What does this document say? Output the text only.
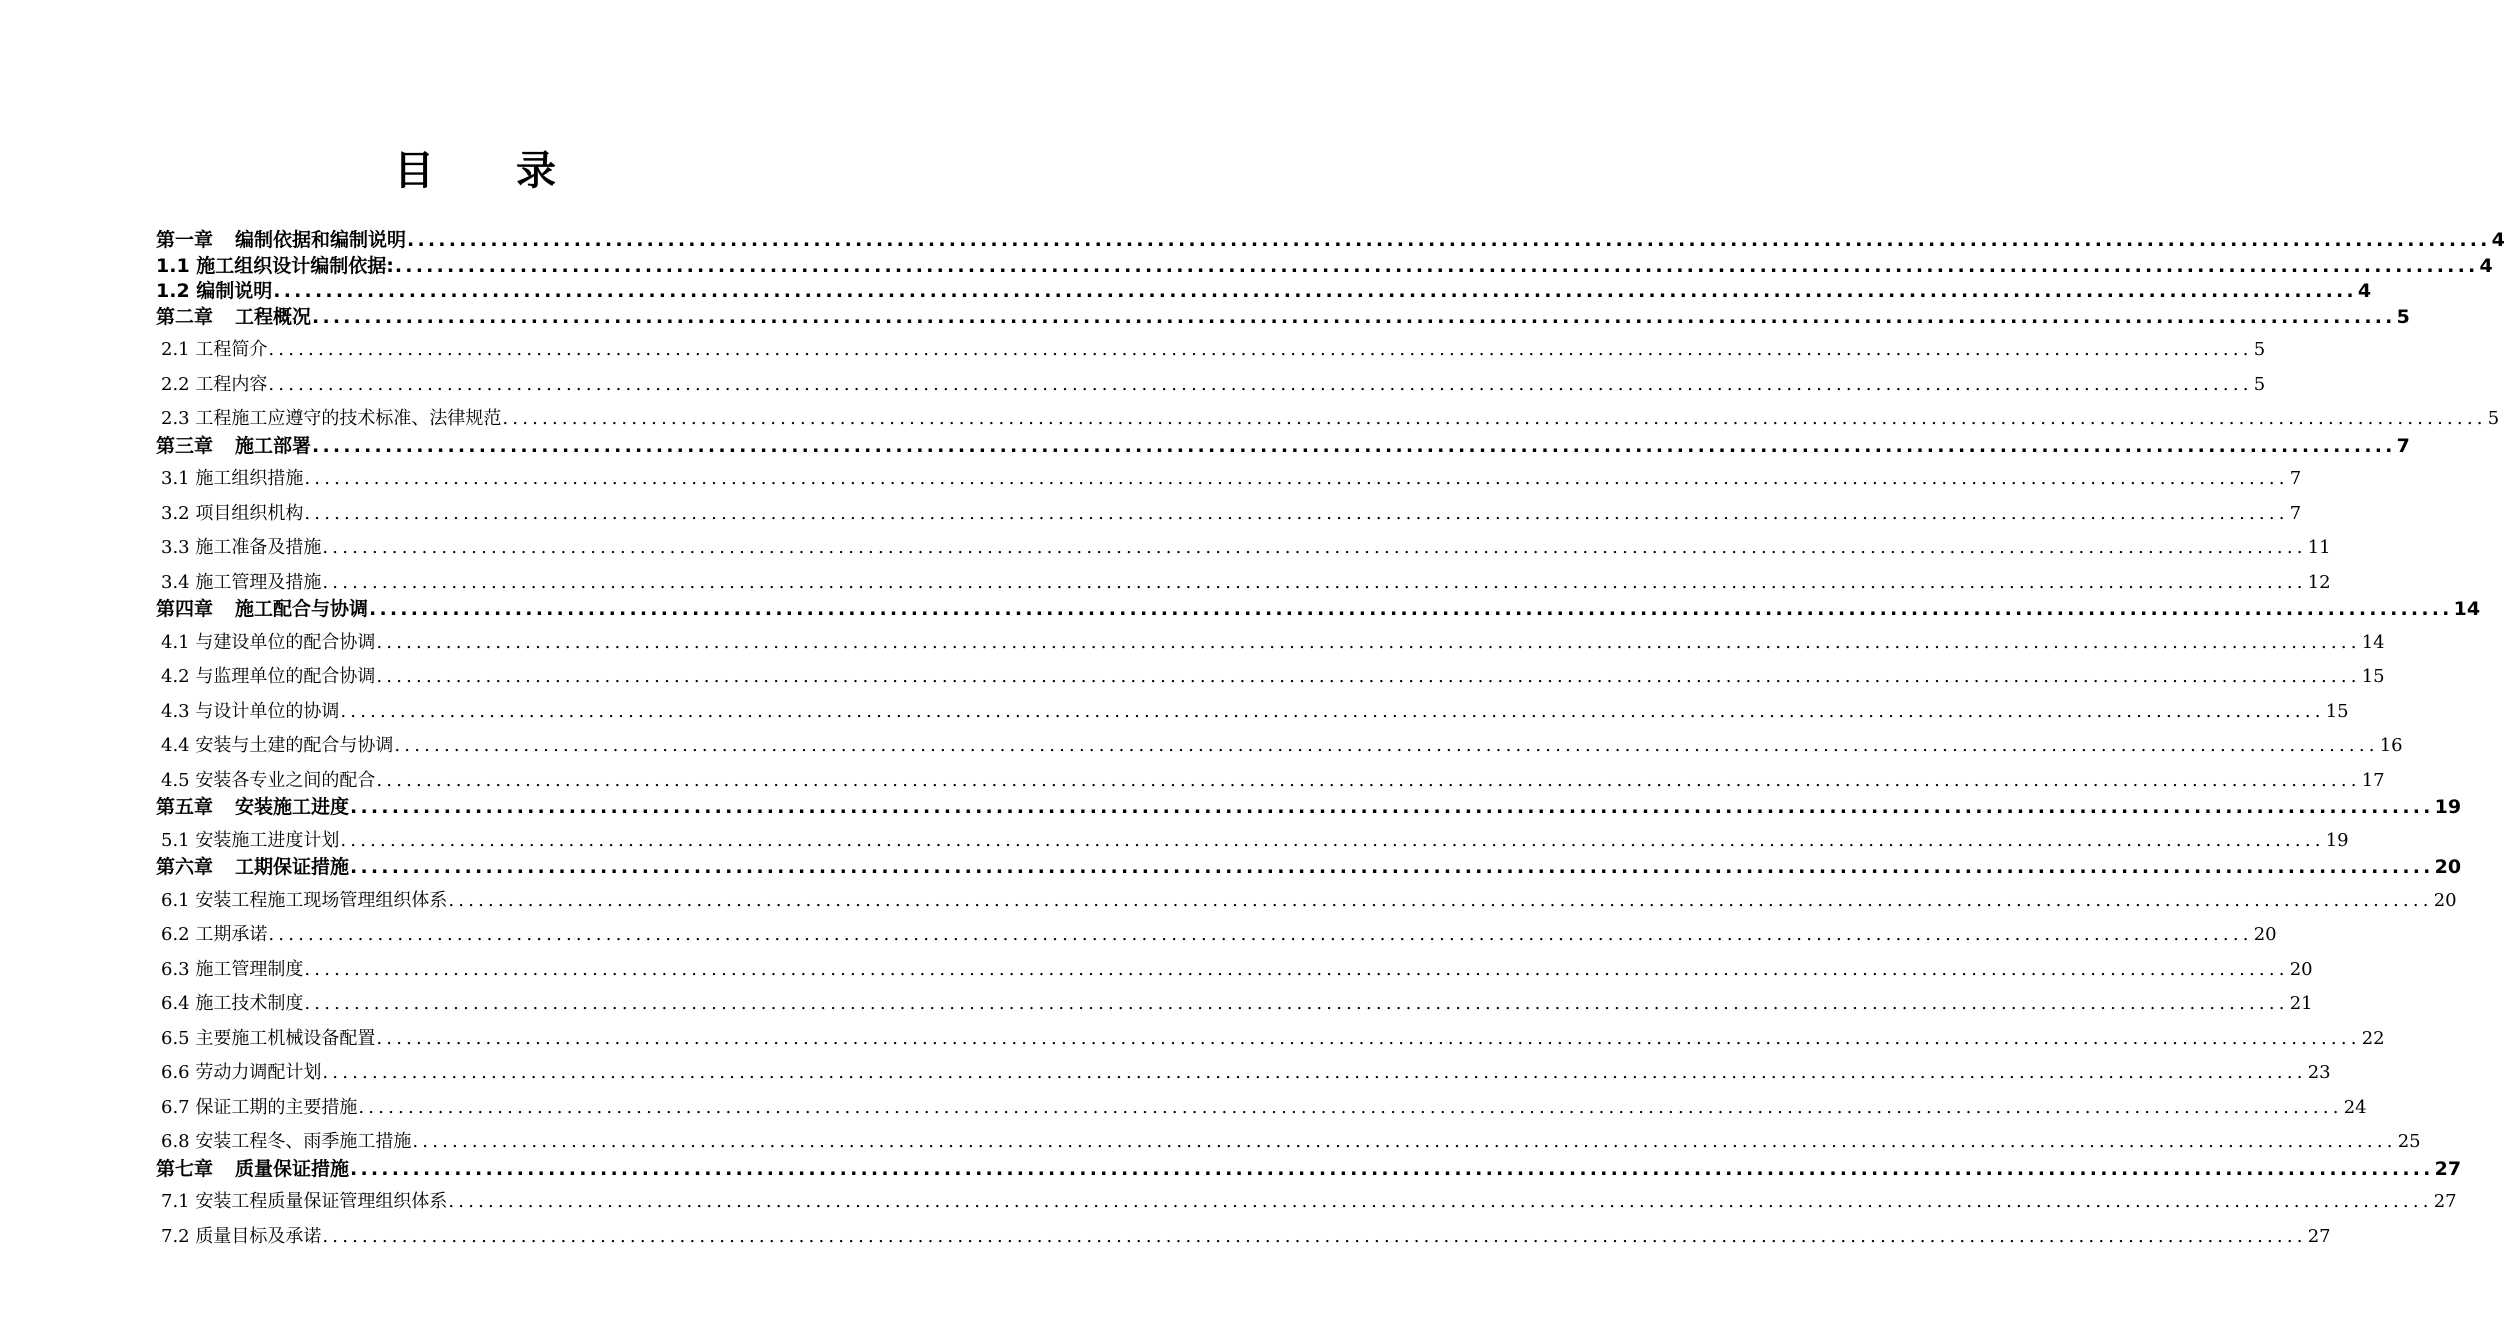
目 录
第一章 编制依据和编制说明 ........................................................................................................................................................................................................ 4
1.1 施工组织设计编制依据: ........................................................................................................................................................................................................ 4
1.2 编制说明 ........................................................................................................................................................................................................ 4
第二章 工程概况 ........................................................................................................................................................................................................ 5
2.1 工程简介 ........................................................................................................................................................................................................ 5
2.2 工程内容 ........................................................................................................................................................................................................ 5
2.3 工程施工应遵守的技术标准、法律规范 ........................................................................................................................................................................................................ 5
第三章 施工部署 ........................................................................................................................................................................................................ 7
3.1 施工组织措施 ........................................................................................................................................................................................................ 7
3.2 项目组织机构 ........................................................................................................................................................................................................ 7
3.3 施工准备及措施 ........................................................................................................................................................................................................ 11
3.4 施工管理及措施 ........................................................................................................................................................................................................ 12
第四章 施工配合与协调 ........................................................................................................................................................................................................ 14
4.1 与建设单位的配合协调 ........................................................................................................................................................................................................ 14
4.2 与监理单位的配合协调 ........................................................................................................................................................................................................ 15
4.3 与设计单位的协调 ........................................................................................................................................................................................................ 15
4.4 安装与土建的配合与协调 ........................................................................................................................................................................................................ 16
4.5 安装各专业之间的配合 ........................................................................................................................................................................................................ 17
第五章 安装施工进度 ........................................................................................................................................................................................................ 19
5.1 安装施工进度计划 ........................................................................................................................................................................................................ 19
第六章 工期保证措施 ........................................................................................................................................................................................................ 20
6.1 安装工程施工现场管理组织体系 ........................................................................................................................................................................................................ 20
6.2 工期承诺 ........................................................................................................................................................................................................ 20
6.3 施工管理制度 ........................................................................................................................................................................................................ 20
6.4 施工技术制度 ........................................................................................................................................................................................................ 21
6.5 主要施工机械设备配置 ........................................................................................................................................................................................................ 22
6.6 劳动力调配计划 ........................................................................................................................................................................................................ 23
6.7 保证工期的主要措施 ........................................................................................................................................................................................................ 24
6.8 安装工程冬、雨季施工措施 ........................................................................................................................................................................................................ 25
第七章 质量保证措施 ........................................................................................................................................................................................................ 27
7.1 安装工程质量保证管理组织体系 ........................................................................................................................................................................................................ 27
7.2 质量目标及承诺 ........................................................................................................................................................................................................ 27
